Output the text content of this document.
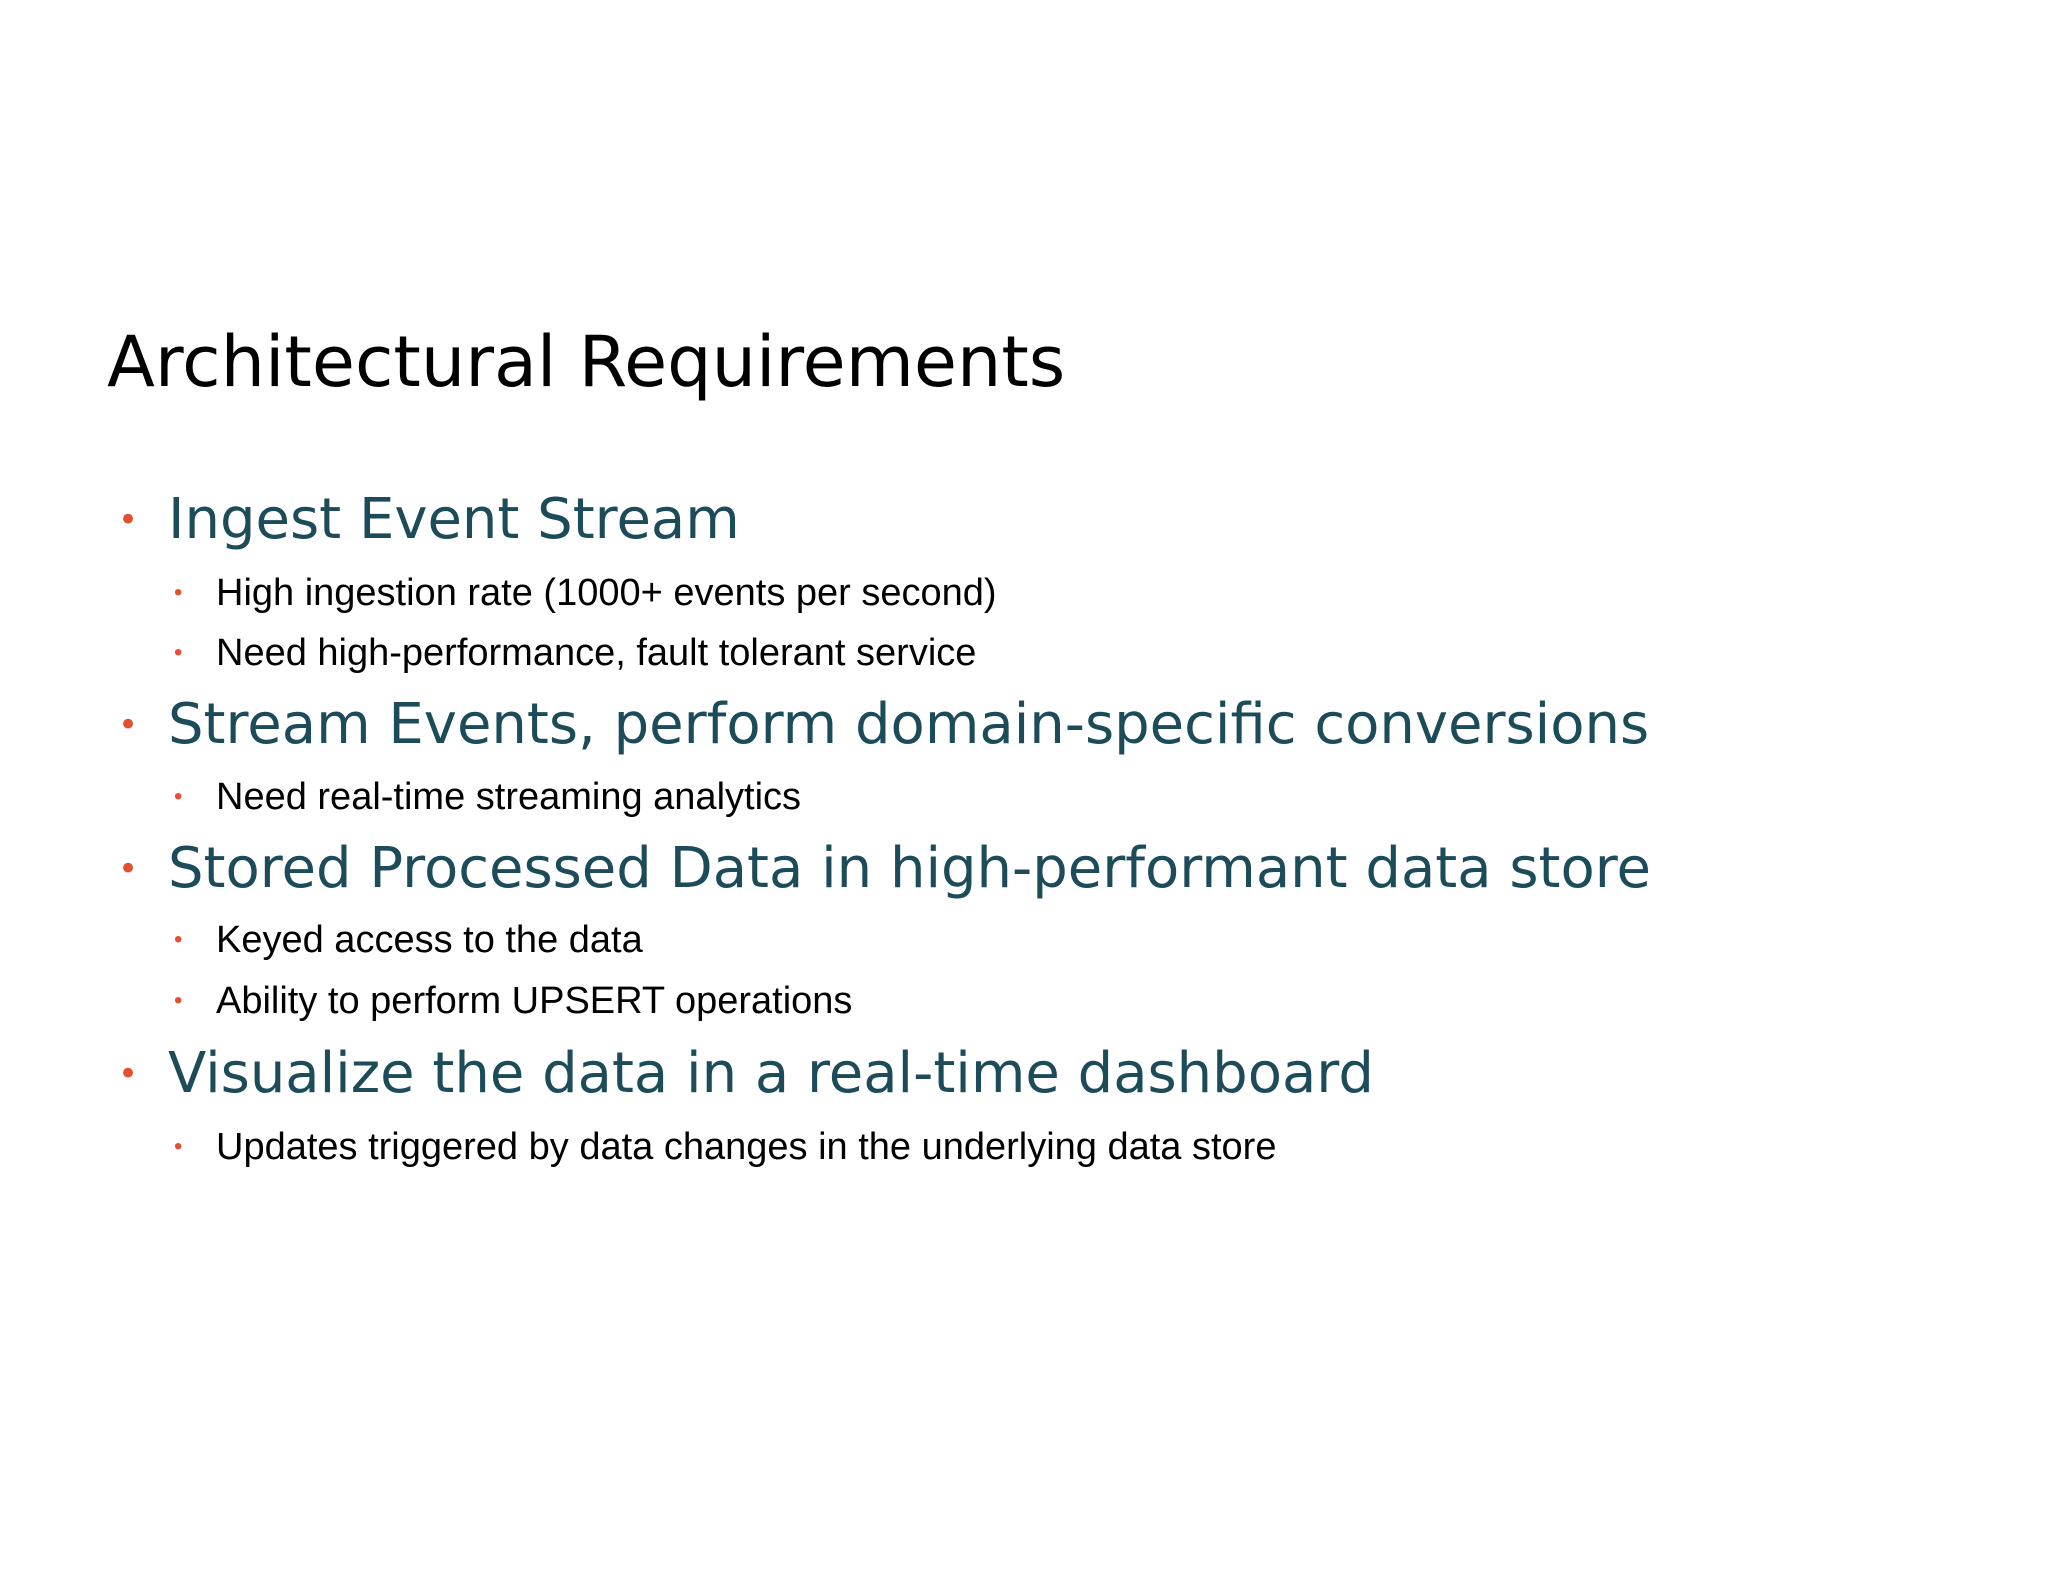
Architectural Requirements
• Ingest Event Stream
• High ingestion rate (1000+ events per second)
• Need high-performance, fault tolerant service
• Stream Events, perform domain-specific conversions
• Need real-time streaming analytics
• Stored Processed Data in high-performant data store
• Keyed access to the data
• Ability to perform UPSERT operations
• Visualize the data in a real-time dashboard
• Updates triggered by data changes in the underlying data store
